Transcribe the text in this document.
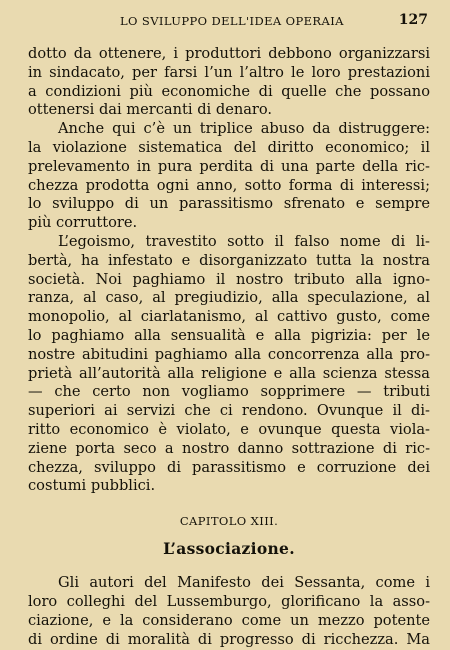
LO SVILUPPO DELL'IDEA OPERAIA	127
dotto da ottenere, i produttori debbono organizzarsi
in sindacato, per farsi l’un l’altro le loro prestazioni
a condizioni più economiche di quelle che possano
ottenersi dai mercanti di denaro.
Anche qui c’è un triplice abuso da distruggere:
la violazione sistematica del diritto economico; il
prelevamento in pura perdita di una parte della ric-
chezza prodotta ogni anno, sotto forma di interessi;
lo sviluppo di un parassitismo sfrenato e sempre
più corruttore.
L’egoismo, travestito sotto il falso nome di li-
bertà, ha infestato e disorganizzato tutta la nostra
società. Noi paghiamo il nostro tributo alla igno-
ranza, al caso, al pregiudizio, alla speculazione, al
monopolio, al ciarlatanismo, al cattivo gusto, come
lo paghiamo alla sensualità e alla pigrizia: per le
nostre abitudini paghiamo alla concorrenza alla pro-
prietà all’autorità alla religione e alla scienza stessa
— che certo non vogliamo sopprimere — tributi
superiori ai servizi che ci rendono. Ovunque il di-
ritto economico è violato, e ovunque questa viola-
ziene porta seco a nostro danno sottrazione di ric-
chezza, sviluppo di parassitismo e corruzione dei
costumi pubblici.
CAPITOLO XIII.
L’associazione.
Gli autori del Manifesto dei Sessanta, come i
loro colleghi del Lussemburgo, glorificano la asso-
ciazione, e la considerano come un mezzo potente
di ordine di moralità di progresso di ricchezza. Ma
